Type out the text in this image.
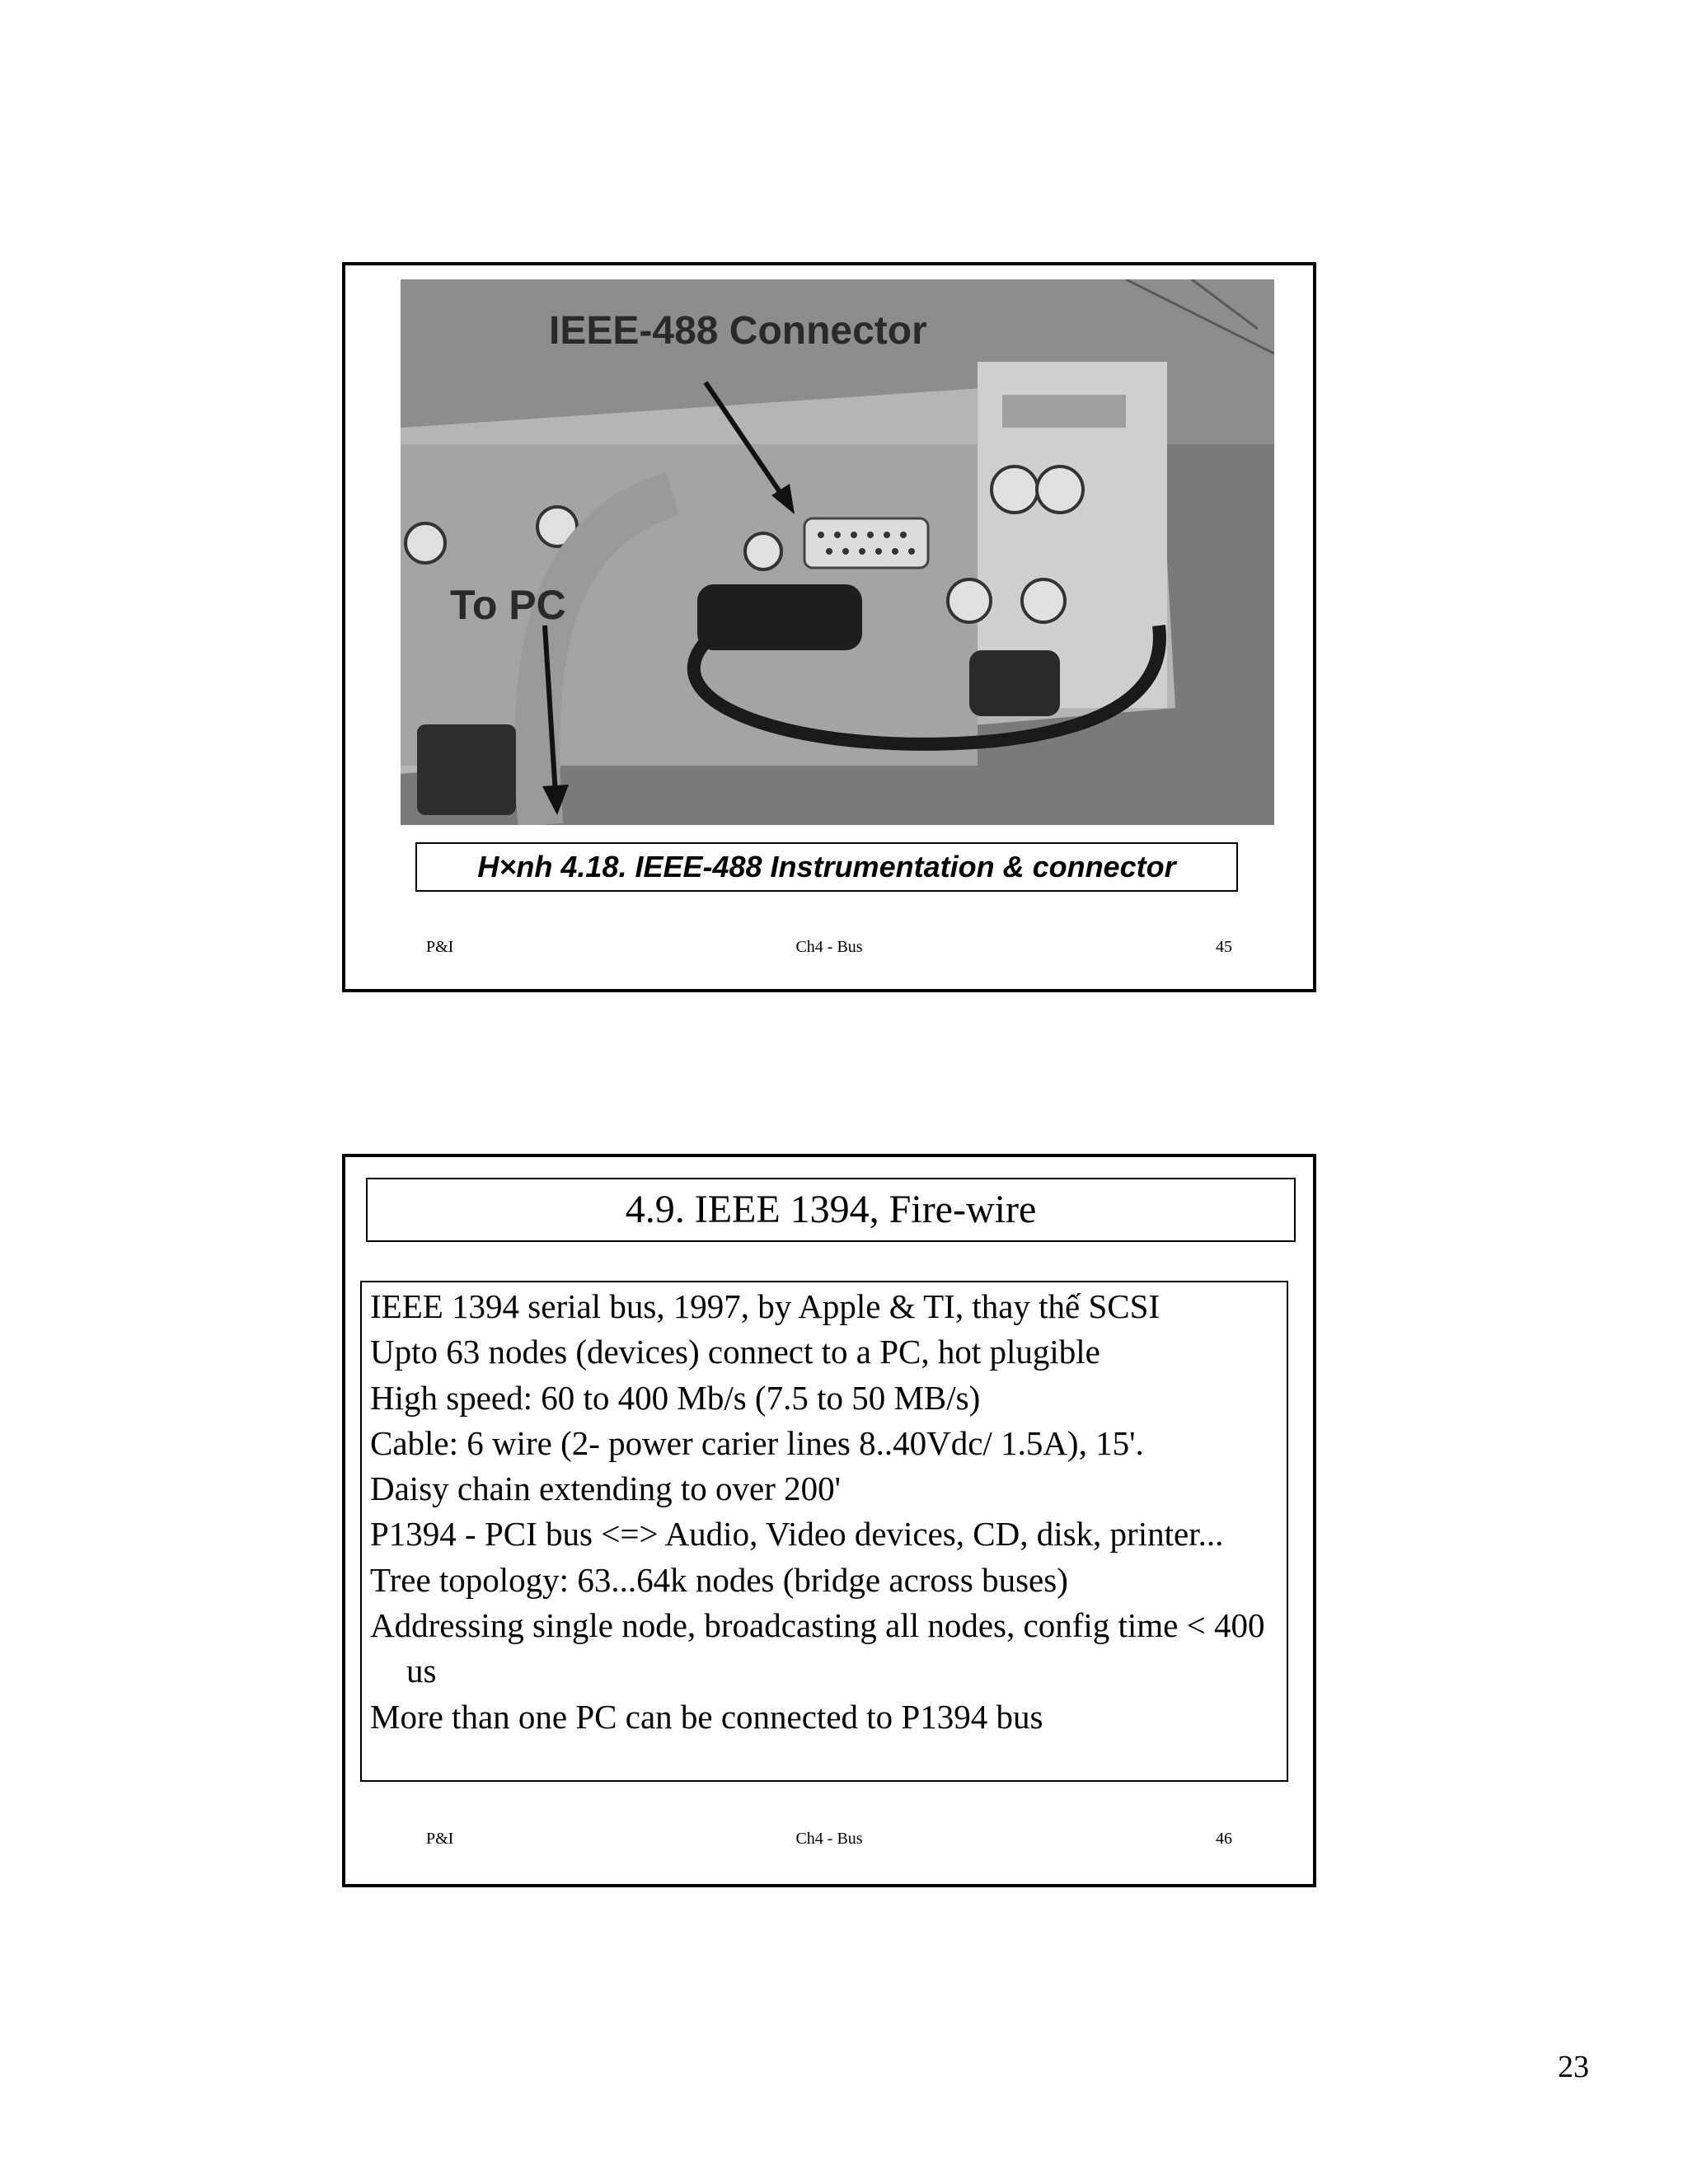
IEEE-488 Connector
To PC
H×nh 4.18. IEEE-488 Instrumentation & connector
P&I	Ch4 - Bus	45
4.9. IEEE 1394, Fire-wire
IEEE 1394 serial bus, 1997, by Apple & TI, thay thế SCSI
Upto 63 nodes (devices) connect to a PC, hot plugible
High speed: 60 to 400 Mb/s (7.5 to 50 MB/s)
Cable: 6 wire (2- power carier lines 8..40Vdc/ 1.5A), 15'.
Daisy chain extending to over 200'
P1394 - PCI bus <=> Audio, Video devices, CD, disk, printer...
Tree topology: 63...64k nodes (bridge across buses)
Addressing single node, broadcasting all nodes, config time < 400 us
More than one PC can be connected to P1394 bus
P&I	Ch4 - Bus	46
23
